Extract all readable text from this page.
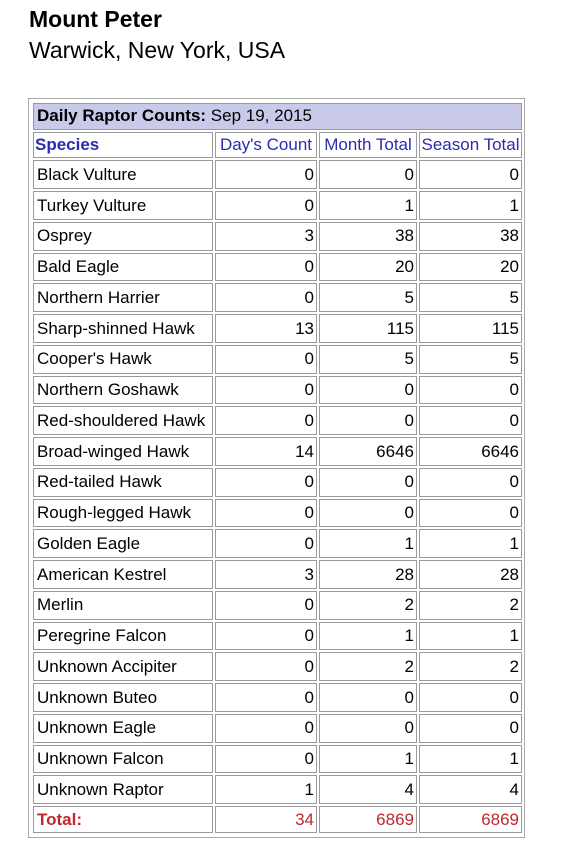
Mount Peter

Warwick, New York, USA

Daily Raptor Counts: Sep 19, 2015			
Species	Day's Count	Month Total	Season Total
Black Vulture	0	0	0
Turkey Vulture	0	1	1
Osprey	3	38	38
Bald Eagle	0	20	20
Northern Harrier	0	5	5
Sharp-shinned Hawk	13	115	115
Cooper's Hawk	0	5	5
Northern Goshawk	0	0	0
Red-shouldered Hawk	0	0	0
Broad-winged Hawk	14	6646	6646
Red-tailed Hawk	0	0	0
Rough-legged Hawk	0	0	0
Golden Eagle	0	1	1
American Kestrel	3	28	28
Merlin	0	2	2
Peregrine Falcon	0	1	1
Unknown Accipiter	0	2	2
Unknown Buteo	0	0	0
Unknown Eagle	0	0	0
Unknown Falcon	0	1	1
Unknown Raptor	1	4	4
Total:	34	6869	6869
